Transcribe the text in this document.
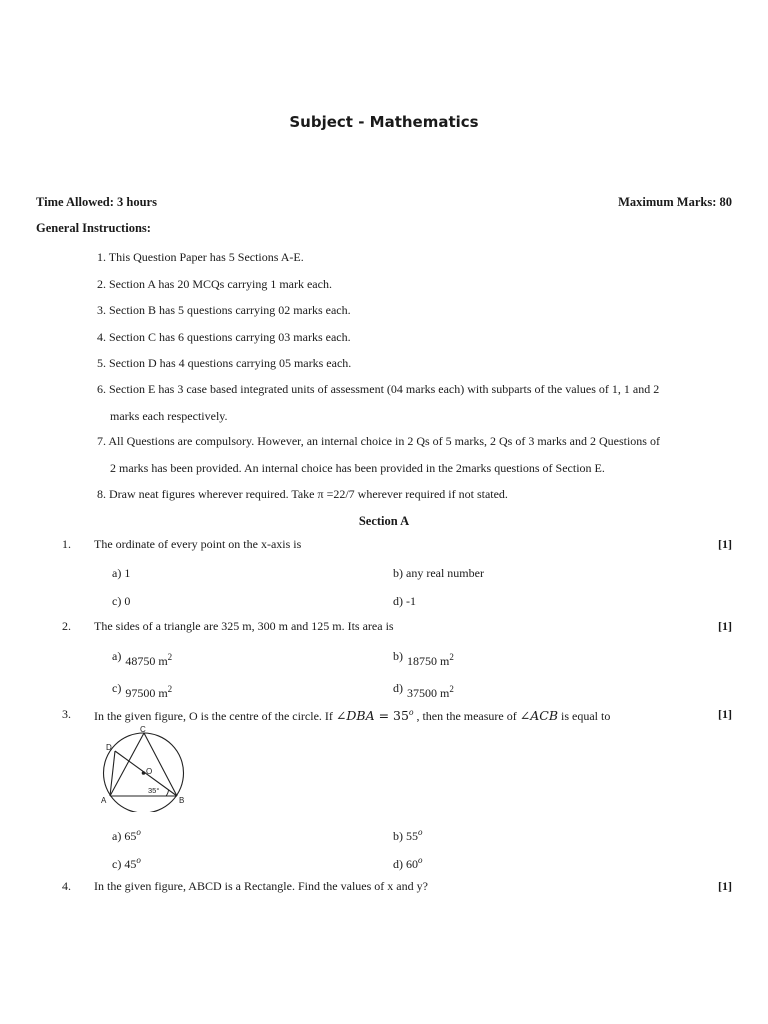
Subject - Mathematics
Time Allowed: 3 hours	Maximum Marks: 80
General Instructions:
1. This Question Paper has 5 Sections A-E.
2. Section A has 20 MCQs carrying 1 mark each.
3. Section B has 5 questions carrying 02 marks each.
4. Section C has 6 questions carrying 03 marks each.
5. Section D has 4 questions carrying 05 marks each.
6. Section E has 3 case based integrated units of assessment (04 marks each) with subparts of the values of 1, 1 and 2
marks each respectively.
7. All Questions are compulsory. However, an internal choice in 2 Qs of 5 marks, 2 Qs of 3 marks and 2 Questions of
2 marks has been provided. An internal choice has been provided in the 2marks questions of Section E.
8. Draw neat figures wherever required. Take π =22/7 wherever required if not stated.
Section A
1. The ordinate of every point on the x-axis is	[1]
a) 1	b) any real number
c) 0	d) -1
2. The sides of a triangle are 325 m, 300 m and 125 m. Its area is	[1]
a) 48750 $m^2$	b) 18750 $m^2$
c) 97500 $m^2$	d) 37500 $m^2$
3. In the given figure, O is the centre of the circle. If ∠DBA = $35^o$ , then the measure of ∠ACB is equal to	[1]
A	B
C
D
O
35°
a) 65$^o$	b) 55$^o$
c) 45$^o$	d) 60$^o$
4. In the given figure, ABCD is a Rectangle. Find the values of x and y?	[1]
